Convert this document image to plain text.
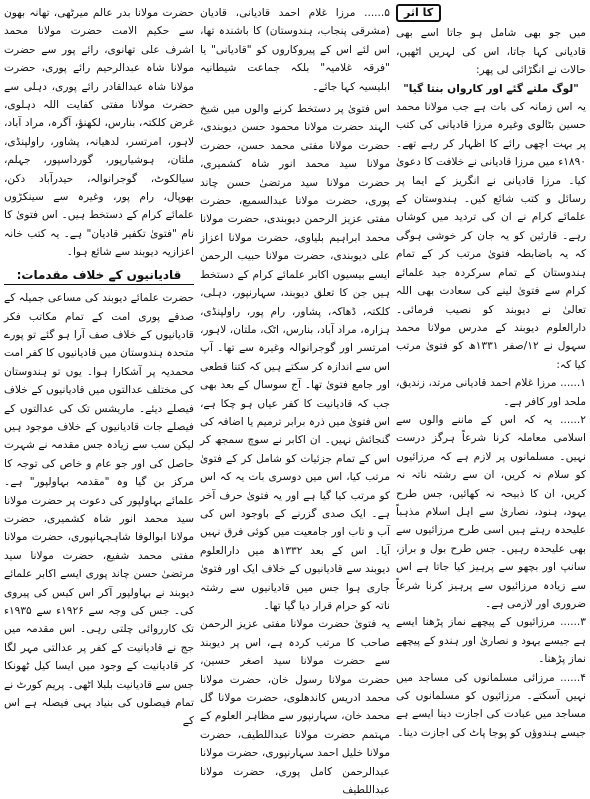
کا اثر

میں جو بھی شامل ہو جاتا اسے بھی قادیانی کہا جاتا، اس کی لہریں اٹھیں، حالات نے انگڑائی لی پھر:

"لوگ ملتے گئے اور کارواں بنتا گیا"

یہ اس زمانہ کی بات ہے جب مولانا محمد حسین بٹالوی وغیرہ مرزا قادیانی کی کتب پر بہت اچھی رائے کا اظہار کر رہے تھے۔ ۱۸۹۰ء میں مرزا قادیانی نے خلافت کا دعویٰ کیا۔ مرزا قادیانی نے انگریز کے ایما پر رسائل و کتب شائع کیں۔ ہندوستان کے علمائے کرام نے ان کی تردید میں کوشاں رہے۔ قارئین کو یہ جان کر خوشی ہوگی کہ یہ باضابطہ فتویٰ مرتب کر کے تمام ہندوستان کے تمام سرکردہ جید علمائے کرام سے فتویٰ لینے کی سعادت بھی اللہ تعالیٰ نے دیوبند کو نصیب فرمائی۔ دارالعلوم دیوبند کے مدرس مولانا محمد سہول نے ۱۲/صفر ۱۳۳۱ھ کو فتویٰ مرتب کیا کہ:

۱...... مرزا غلام احمد قادیانی مرتد، زندیق، ملحد اور کافر ہے۔

۲...... یہ کہ اس کے ماننے والوں سے اسلامی معاملہ کرنا شرعاً ہرگز درست نہیں۔ مسلمانوں پر لازم ہے کہ مرزائیوں کو سلام نہ کریں، ان سے رشتہ ناتہ نہ کریں، ان کا ذبیحہ نہ کھائیں، جس طرح یہود، ہنود، نصاریٰ سے اہل اسلام مذہباً علیحدہ رہتے ہیں اسی طرح مرزائیوں سے بھی علیحدہ رہیں۔ جس طرح بول و براز، سانپ اور بچھو سے پرہیز کیا جاتا ہے اس سے زیادہ مرزائیوں سے پرہیز کرنا شرعاً ضروری اور لازمی ہے۔

۳...... مرزائیوں کے پیچھے نماز پڑھنا ایسے ہے جیسے یہود و نصاریٰ اور ہندو کے پیچھے نماز پڑھنا۔

۴...... مرزائی مسلمانوں کی مساجد میں نہیں آسکتے۔ مرزائیوں کو مسلمانوں کی مساجد میں عبادت کی اجازت دینا ایسے ہے جیسے ہندوؤں کو پوجا پاٹ کی اجازت دینا۔

۵...... مرزا غلام احمد قادیانی، قادیان (مشرقی پنجاب، ہندوستان) کا باشندہ تھا، اس لئے اس کے پیروکاروں کو "قادیانی" یا "فرقہ غلامیہ" بلکہ جماعت شیطانیہ ابلیسیہ کہا جائے۔

اس فتویٰ پر دستخط کرنے والوں میں شیخ الہند حضرت مولانا محمود حسن دیوبندی، حضرت مولانا مفتی محمد حسن، حضرت مولانا سید محمد انور شاہ کشمیری، حضرت مولانا سید مرتضیٰ حسن چاند پوری، حضرت مولانا عبدالسمیع، حضرت مفتی عزیز الرحمن دیوبندی، حضرت مولانا محمد ابراہیم بلیاوی، حضرت مولانا اعزاز علی دیوبندی، حضرت مولانا حبیب الرحمن ایسے بیسیوں اکابر علمائے کرام کے دستخط ہیں جن کا تعلق دیوبند، سہارنپور، دہلی، کلکتہ، ڈھاکہ، پشاور، رام پور، راولپنڈی، ہزارہ، مراد آباد، بنارس، اٹک، ملتان، لاہور، امرتسر اور گوجرانوالہ وغیرہ سے تھا۔ آپ اس سے اندازہ کر سکتے ہیں کہ کتنا قطعی اور جامع فتویٰ تھا۔ آج سوسال کے بعد بھی جب کہ قادیانیت کا کفر عیاں ہو چکا ہے، اس فتویٰ میں ذرہ برابر ترمیم یا اضافہ کی گنجائش نہیں۔ ان اکابر نے سوچ سمجھ کر اس کے تمام جزئیات کو شامل کر کے فتویٰ مرتب کیا، اس میں دوسری بات یہ کہ اس کو مرتب کیا گیا ہے اور یہ فتویٰ حرف آخر ہے۔ ایک صدی گزرنے کے باوجود اس کی آب و تاب اور جامعیت میں کوئی فرق نہیں آیا۔ اس کے بعد ۱۳۳۲ھ میں دارالعلوم دیوبند سے قادیانیوں کے خلاف ایک اور فتویٰ جاری ہوا جس میں قادیانیوں سے رشتہ ناتہ کو حرام قرار دیا گیا تھا۔

یہ فتویٰ حضرت مولانا مفتی عزیز الرحمن صاحب کا مرتب کردہ ہے، اس پر دیوبند سے حضرت مولانا سید اصغر حسین، حضرت مولانا رسول خان، حضرت مولانا محمد ادریس کاندھلوی، حضرت مولانا گل محمد خان، سہارنپور سے مظاہر العلوم کے مہتمم حضرت مولانا عبداللطیف، حضرت مولانا خلیل احمد سہارنپوری، حضرت مولانا عبدالرحمن کامل پوری، حضرت مولانا عبداللطیف

حضرت مولانا بدر عالم میرٹھی، تھانہ بھون سے حکیم الامت حضرت مولانا محمد اشرف علی تھانوی، رائے پور سے حضرت مولانا شاہ عبدالرحیم رائے پوری، حضرت مولانا شاہ عبدالقادر رائے پوری، دہلی سے حضرت مولانا مفتی کفایت اللہ دہلوی، غرض کلکتہ، بنارس، لکھنؤ، آگرہ، مراد آباد، لاہور، امرتسر، لدھیانہ، پشاور، راولپنڈی، ملتان، ہوشیارپور، گورداسپور، جہلم، سیالکوٹ، گوجرانوالہ، حیدرآباد دکن، بھوپال، رام پور، وغیرہ سے سینکڑوں علمائے کرام کے دستخط ہیں۔ اس فتویٰ کا نام "فتویٰ تکفیر قادیان" ہے۔ یہ کتب خانہ اعزازیہ دیوبند سے شائع ہوا۔

قادیانیوں کے خلاف مقدمات:

حضرت علمائے دیوبند کی مساعی جمیلہ کے صدقے پوری امت کے تمام مکاتب فکر قادیانیوں کے خلاف صف آرا ہو گئے تو پورے متحدہ ہندوستان میں قادیانیوں کا کفر امت محمدیہ پر آشکارا ہوا۔ یوں تو ہندوستان کی مختلف عدالتوں میں قادیانیوں کے خلاف فیصلے دیئے۔ ماریشس تک کی عدالتوں کے فیصلے جات قادیانیوں کے خلاف موجود ہیں لیکن سب سے زیادہ جس مقدمہ نے شہرت حاصل کی اور جو عام و خاص کی توجہ کا مرکز بن گیا وہ "مقدمہ بہاولپور" ہے۔ علمائے بہاولپور کی دعوت پر حضرت مولانا سید محمد انور شاہ کشمیری، حضرت مولانا ابوالوفا شاہجہانپوری، حضرت مولانا مفتی محمد شفیع، حضرت مولانا سید مرتضیٰ حسن چاند پوری ایسے اکابر علمائے دیوبند نے بہاولپور آکر اس کیس کی پیروی کی۔ جس کی وجہ سے ۱۹۲۶ء سے ۱۹۳۵ء تک کارروائی چلتی رہی۔ اس مقدمہ میں جج نے قادیانیت کے کفر پر عدالتی مہر لگا کر قادیانیت کے وجود میں ایسا کیل ٹھونکا جس سے قادیانیت بلبلا اٹھی۔ پریم کورٹ نے تمام فیصلوں کی بنیاد یہی فیصلہ ہے اس کے
